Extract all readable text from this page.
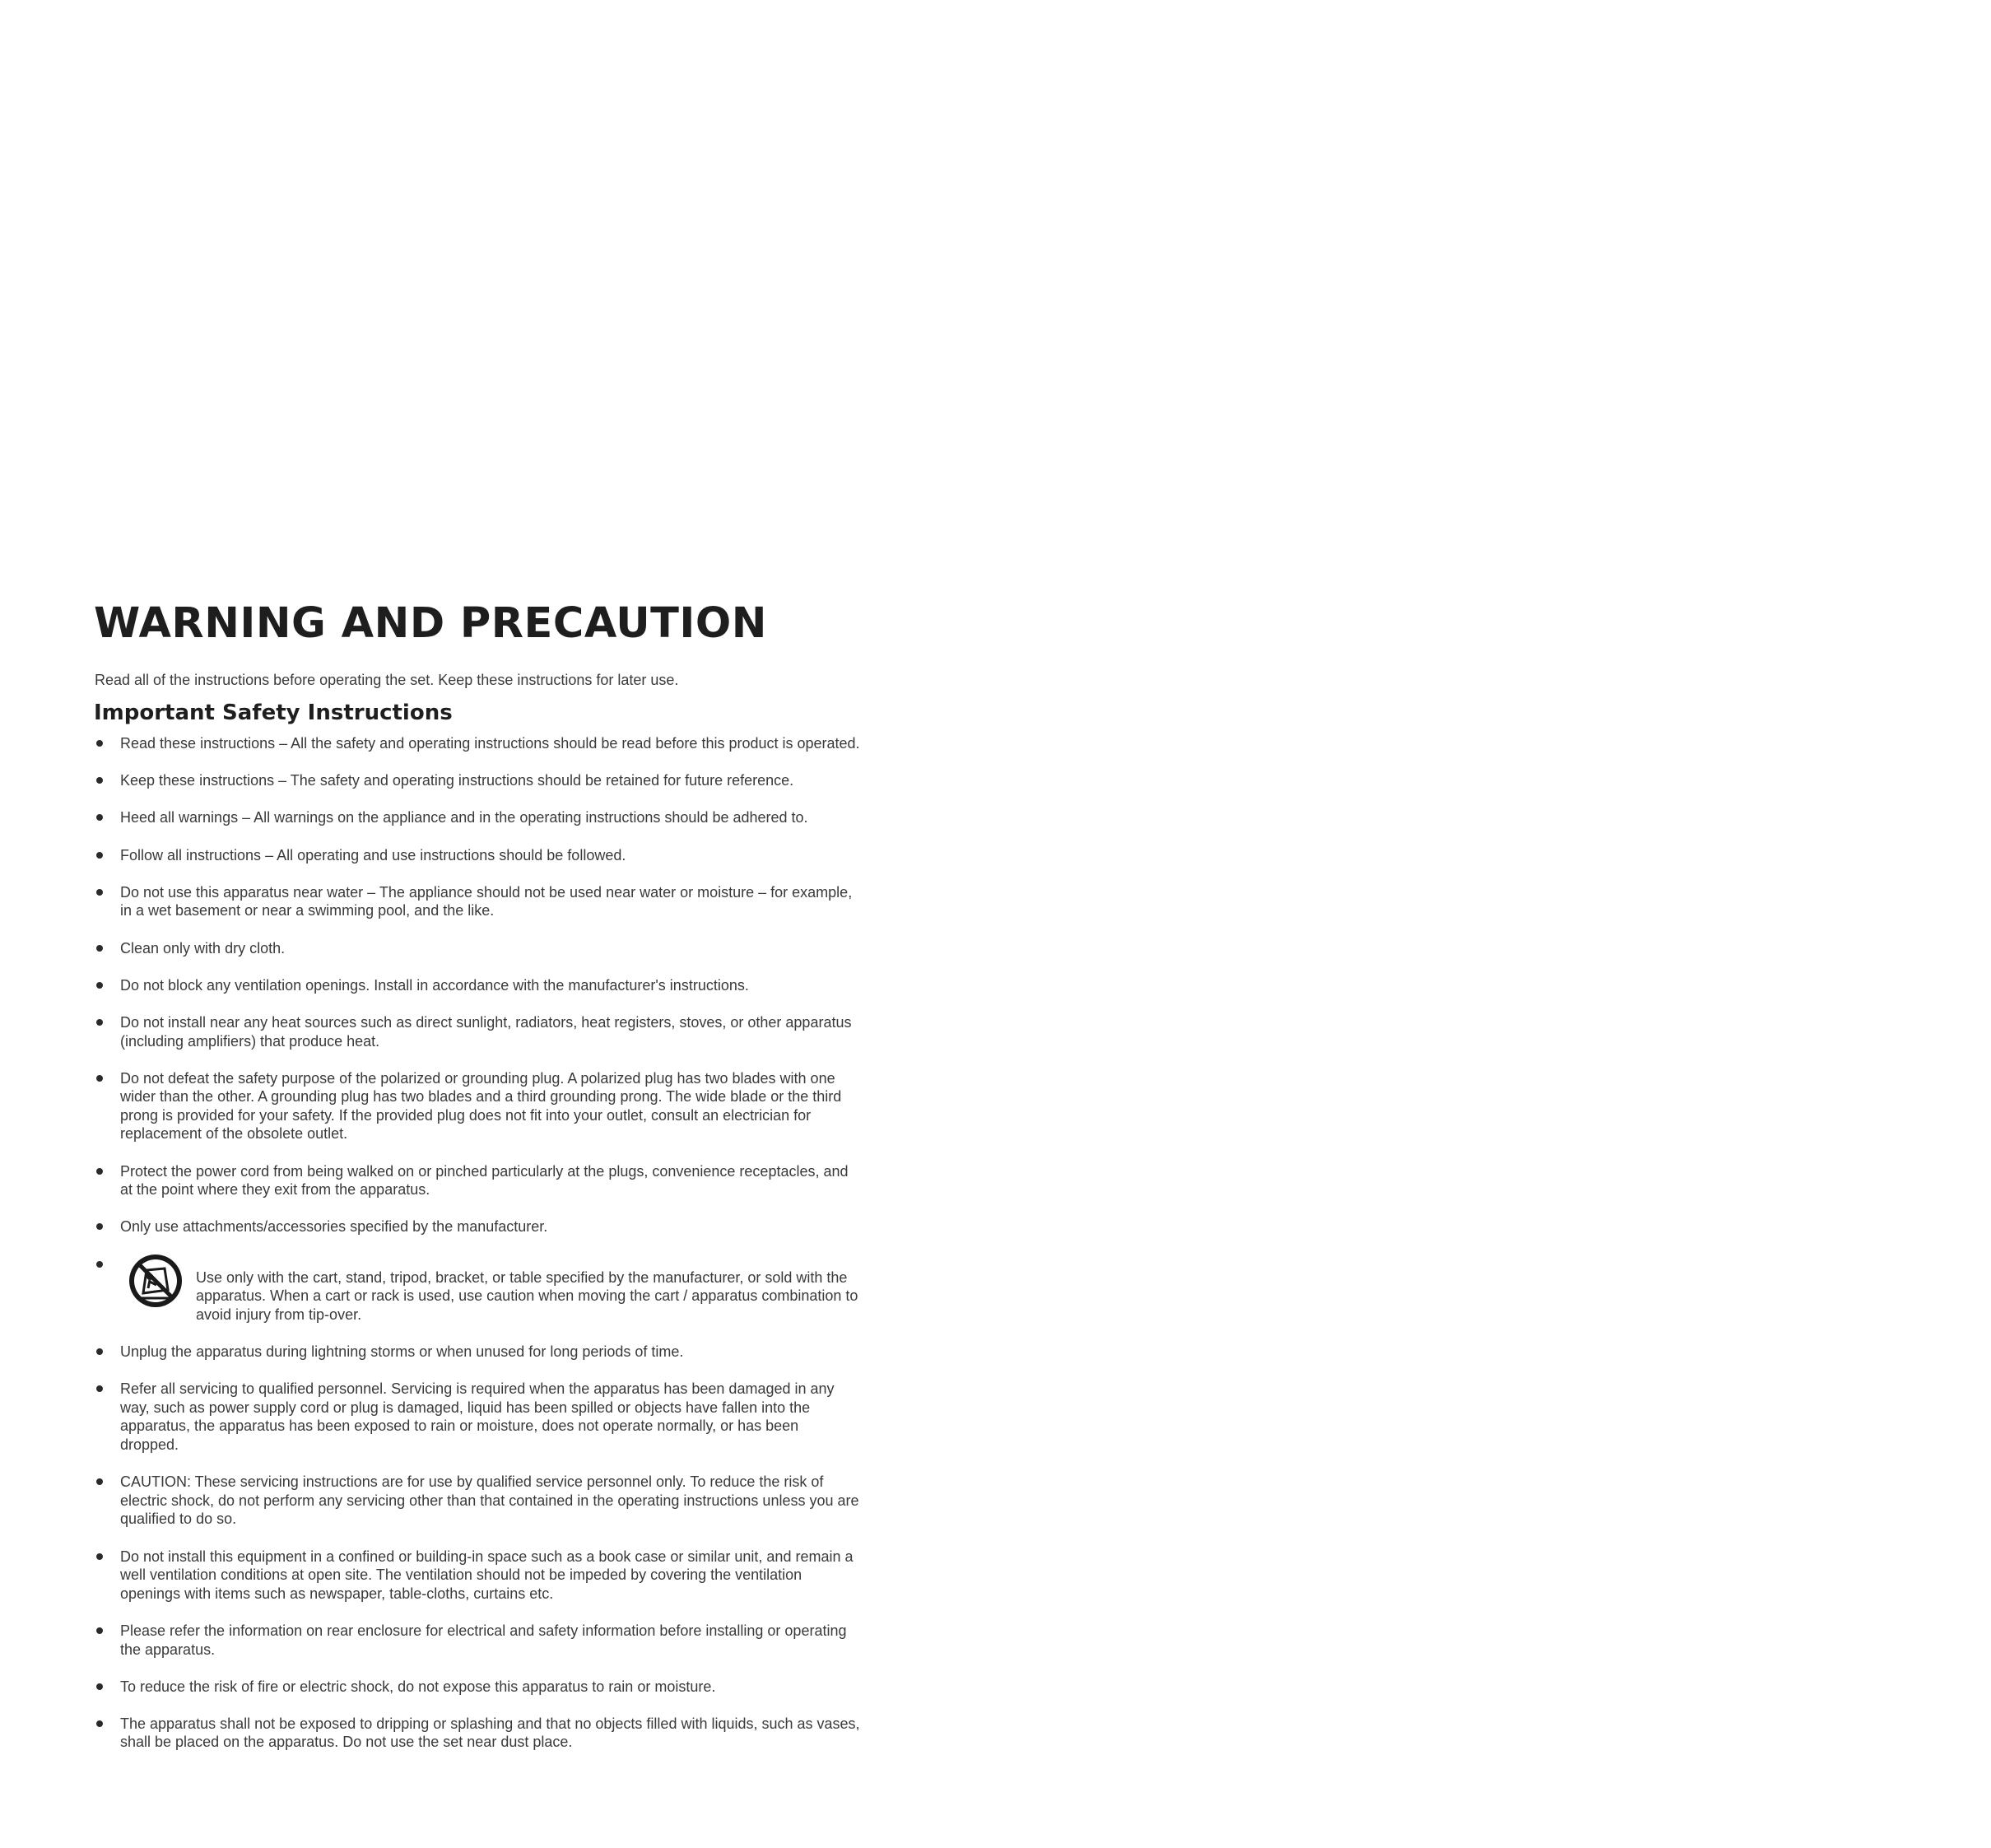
WARNING AND PRECAUTION

Read all of the instructions before operating the set. Keep these instructions for later use.

Important Safety Instructions
Read these instructions – All the safety and operating instructions should be read before this product is operated.
Keep these instructions – The safety and operating instructions should be retained for future reference.
Heed all warnings – All warnings on the appliance and in the operating instructions should be adhered to.
Follow all instructions – All operating and use instructions should be followed.
Do not use this apparatus near water – The appliance should not be used near water or moisture – for example, in a wet basement or near a swimming pool, and the like.
Clean only with dry cloth.
Do not block any ventilation openings. Install in accordance with the manufacturer's instructions.
Do not install near any heat sources such as direct sunlight, radiators, heat registers, stoves, or other apparatus (including amplifiers) that produce heat.
Do not defeat the safety purpose of the polarized or grounding plug. A polarized plug has two blades with one wider than the other. A grounding plug has two blades and a third grounding prong. The wide blade or the third prong is provided for your safety. If the provided plug does not fit into your outlet, consult an electrician for replacement of the obsolete outlet.
Protect the power cord from being walked on or pinched particularly at the plugs, convenience receptacles, and at the point where they exit from the apparatus.
Only use attachments/accessories specified by the manufacturer.
Use only with the cart, stand, tripod, bracket, or table specified by the manufacturer, or sold with the apparatus. When a cart or rack is used, use caution when moving the cart / apparatus combination to avoid injury from tip-over.
Unplug the apparatus during lightning storms or when unused for long periods of time.
Refer all servicing to qualified personnel. Servicing is required when the apparatus has been damaged in any way, such as power supply cord or plug is damaged, liquid has been spilled or objects have fallen into the apparatus, the apparatus has been exposed to rain or moisture, does not operate normally, or has been dropped.
CAUTION: These servicing instructions are for use by qualified service personnel only. To reduce the risk of electric shock, do not perform any servicing other than that contained in the operating instructions unless you are qualified to do so.
Do not install this equipment in a confined or building-in space such as a book case or similar unit, and remain a well ventilation conditions at open site. The ventilation should not be impeded by covering the ventilation openings with items such as newspaper, table-cloths, curtains etc.
Please refer the information on rear enclosure for electrical and safety information before installing or operating the apparatus.
To reduce the risk of fire or electric shock, do not expose this apparatus to rain or moisture.
The apparatus shall not be exposed to dripping or splashing and that no objects filled with liquids, such as vases, shall be placed on the apparatus. Do not use the set near dust place.
